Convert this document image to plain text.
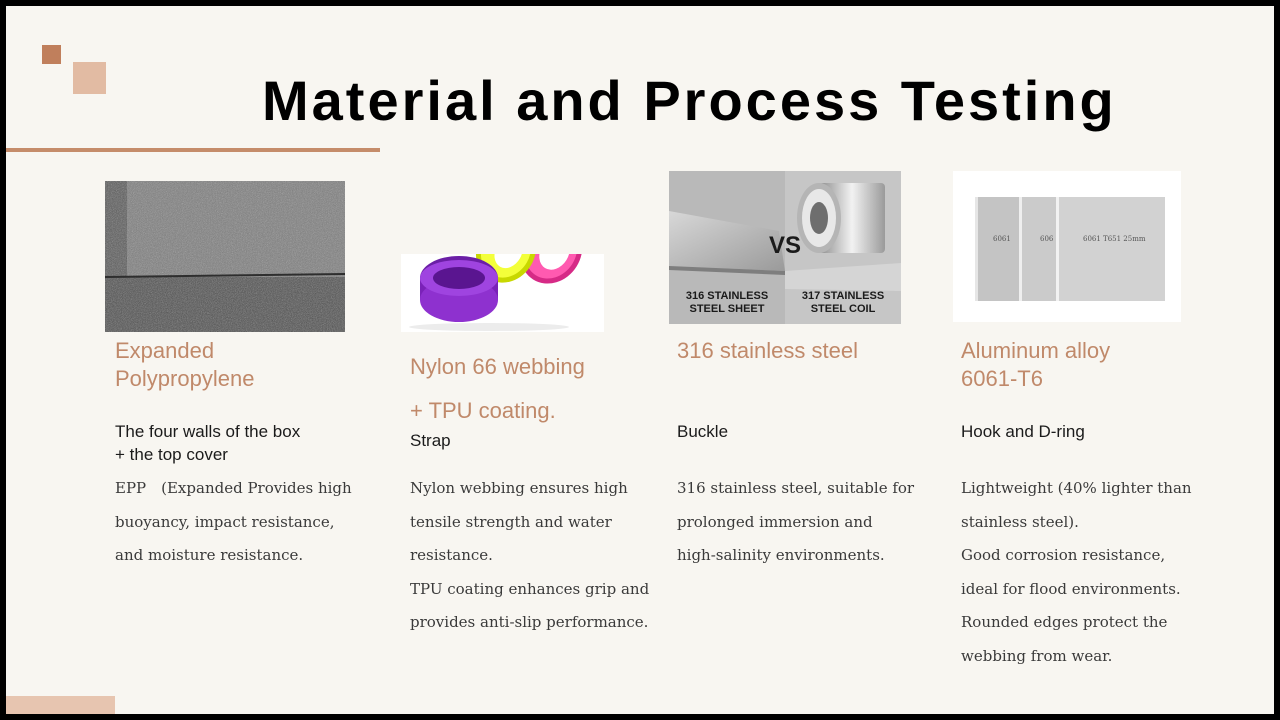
Material and Process Testing
VS
316 STAINLESS
STEEL SHEET
317 STAINLESS
STEEL COIL
6061	606	6061 T651 25mm
Expanded
Polypropylene
The four walls of the box
+ the top cover
EPP　(Expanded Provides high
buoyancy, impact resistance,
and moisture resistance.
Nylon 66 webbing
+ TPU coating.
Strap
Nylon webbing ensures high
tensile strength and water
resistance.
TPU coating enhances grip and
provides anti-slip performance.
316 stainless steel
Buckle
316 stainless steel, suitable for
prolonged immersion and
high-salinity environments.
Aluminum alloy
6061-T6
Hook and D-ring
Lightweight (40% lighter than
stainless steel).
Good corrosion resistance,
ideal for flood environments.
Rounded edges protect the
webbing from wear.
